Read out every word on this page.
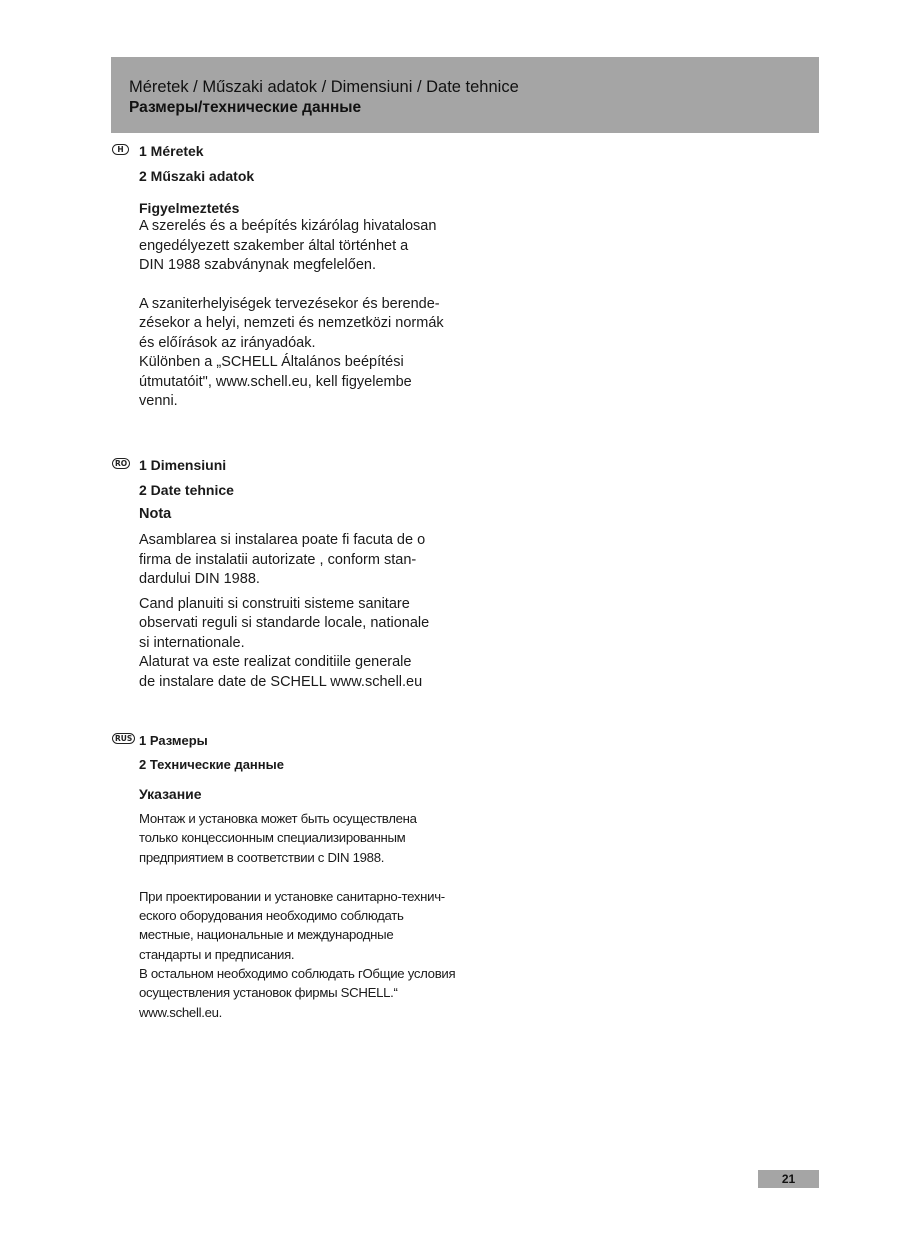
Méretek / Műszaki adatok / Dimensiuni / Date tehnice
Размеры/технические данные
H	1 Méretek

2 Műszaki adatok

Figyelmeztetés

A szerelés és a beépítés kizárólag hivatalosan
engedélyezett szakember által történhet a
DIN 1988 szabványnak megfelelően.

A szaniterhelyiségek tervezésekor és berende-
zésekor a helyi, nemzeti és nemzetközi normák
és előírások az irányadóak.
Különben a „SCHELL Általános beépítési
útmutatóit", www.schell.eu, kell figyelembe
venni.

RO 1 Dimensiuni

2 Date tehnice

Nota

Asamblarea si instalarea poate fi facuta de o
firma de instalatii autorizate , conform stan-
dardului DIN 1988.

Cand planuiti si construiti sisteme sanitare
observati reguli si standarde locale, nationale
si internationale.
Alaturat va este realizat conditiile generale
de instalare date de SCHELL www.schell.eu

RUS 1 Размеры

2 Технические данные

Указание

Монтаж и установка может быть осуществлена
только концессионным специализированным
предприятием в соответствии с DIN 1988.

При проектировании и установке санитарно-технич-
еского оборудования необходимо соблюдать
местные, национальные и международные
стандарты и предписания.
В остальном необходимо соблюдать гОбщие условия
осуществления установок фирмы SCHELL.“
www.schell.eu.

21
